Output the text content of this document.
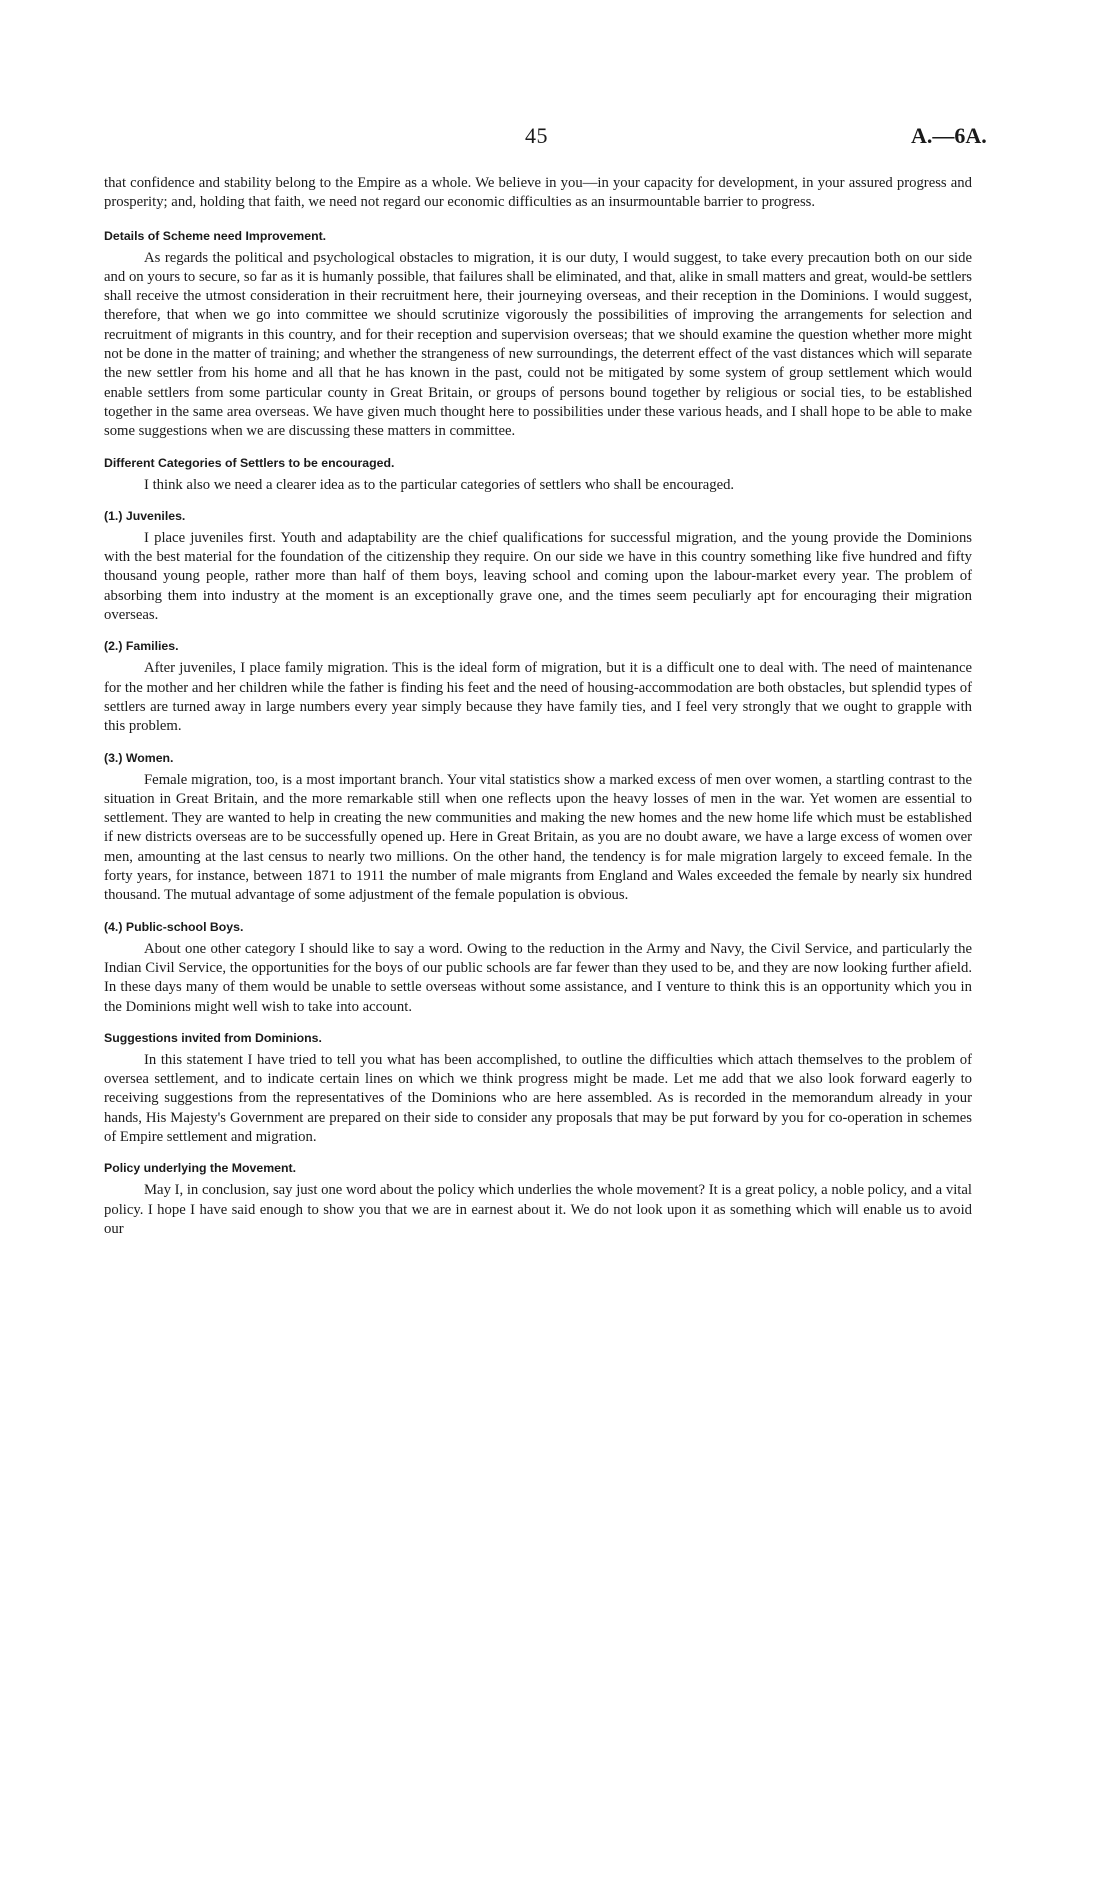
45	A.—6A.

that confidence and stability belong to the Empire as a whole. We believe in you—in your capacity for development, in your assured progress and prosperity; and, holding that faith, we need not regard our economic difficulties as an insurmountable barrier to progress.

Details of Scheme need Improvement.

As regards the political and psychological obstacles to migration, it is our duty, I would suggest, to take every precaution both on our side and on yours to secure, so far as it is humanly possible, that failures shall be eliminated, and that, alike in small matters and great, would-be settlers shall receive the utmost consideration in their recruitment here, their journeying overseas, and their reception in the Dominions. I would suggest, therefore, that when we go into committee we should scrutinize vigorously the possibilities of improving the arrangements for selection and recruitment of migrants in this country, and for their reception and supervision overseas; that we should examine the question whether more might not be done in the matter of training; and whether the strangeness of new surroundings, the deterrent effect of the vast distances which will separate the new settler from his home and all that he has known in the past, could not be mitigated by some system of group settlement which would enable settlers from some particular county in Great Britain, or groups of persons bound together by religious or social ties, to be established together in the same area overseas. We have given much thought here to possibilities under these various heads, and I shall hope to be able to make some suggestions when we are discussing these matters in committee.

Different Categories of Settlers to be encouraged.

I think also we need a clearer idea as to the particular categories of settlers who shall be encouraged.

(1.) Juveniles.

I place juveniles first. Youth and adaptability are the chief qualifications for successful migration, and the young provide the Dominions with the best material for the foundation of the citizenship they require. On our side we have in this country something like five hundred and fifty thousand young people, rather more than half of them boys, leaving school and coming upon the labour-market every year. The problem of absorbing them into industry at the moment is an exceptionally grave one, and the times seem peculiarly apt for encouraging their migration overseas.

(2.) Families.

After juveniles, I place family migration. This is the ideal form of migration, but it is a difficult one to deal with. The need of maintenance for the mother and her children while the father is finding his feet and the need of housing-accommodation are both obstacles, but splendid types of settlers are turned away in large numbers every year simply because they have family ties, and I feel very strongly that we ought to grapple with this problem.

(3.) Women.

Female migration, too, is a most important branch. Your vital statistics show a marked excess of men over women, a startling contrast to the situation in Great Britain, and the more remarkable still when one reflects upon the heavy losses of men in the war. Yet women are essential to settlement. They are wanted to help in creating the new communities and making the new homes and the new home life which must be established if new districts overseas are to be successfully opened up. Here in Great Britain, as you are no doubt aware, we have a large excess of women over men, amounting at the last census to nearly two millions. On the other hand, the tendency is for male migration largely to exceed female. In the forty years, for instance, between 1871 to 1911 the number of male migrants from England and Wales exceeded the female by nearly six hundred thousand. The mutual advantage of some adjustment of the female population is obvious.

(4.) Public-school Boys.

About one other category I should like to say a word. Owing to the reduction in the Army and Navy, the Civil Service, and particularly the Indian Civil Service, the opportunities for the boys of our public schools are far fewer than they used to be, and they are now looking further afield. In these days many of them would be unable to settle overseas without some assistance, and I venture to think this is an opportunity which you in the Dominions might well wish to take into account.

Suggestions invited from Dominions.

In this statement I have tried to tell you what has been accomplished, to outline the difficulties which attach themselves to the problem of oversea settlement, and to indicate certain lines on which we think progress might be made. Let me add that we also look forward eagerly to receiving suggestions from the representatives of the Dominions who are here assembled. As is recorded in the memorandum already in your hands, His Majesty's Government are prepared on their side to consider any proposals that may be put forward by you for co-operation in schemes of Empire settlement and migration.

Policy underlying the Movement.

May I, in conclusion, say just one word about the policy which underlies the whole movement? It is a great policy, a noble policy, and a vital policy. I hope I have said enough to show you that we are in earnest about it. We do not look upon it as something which will enable us to avoid our
